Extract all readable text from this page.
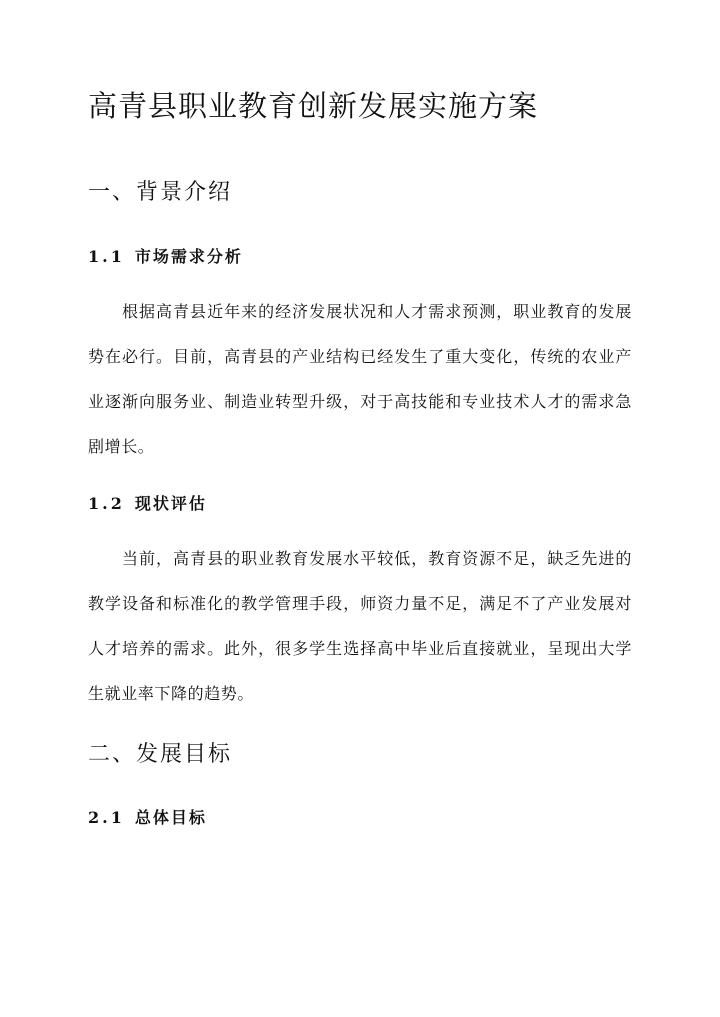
高青县职业教育创新发展实施方案
一、背景介绍
1.1 市场需求分析

根据高青县近年来的经济发展状况和人才需求预测，职业教育的发展势在必行。目前，高青县的产业结构已经发生了重大变化，传统的农业产业逐渐向服务业、制造业转型升级，对于高技能和专业技术人才的需求急剧增长。

1.2 现状评估

当前，高青县的职业教育发展水平较低，教育资源不足，缺乏先进的教学设备和标准化的教学管理手段，师资力量不足，满足不了产业发展对人才培养的需求。此外，很多学生选择高中毕业后直接就业，呈现出大学生就业率下降的趋势。

二、发展目标
2.1 总体目标
